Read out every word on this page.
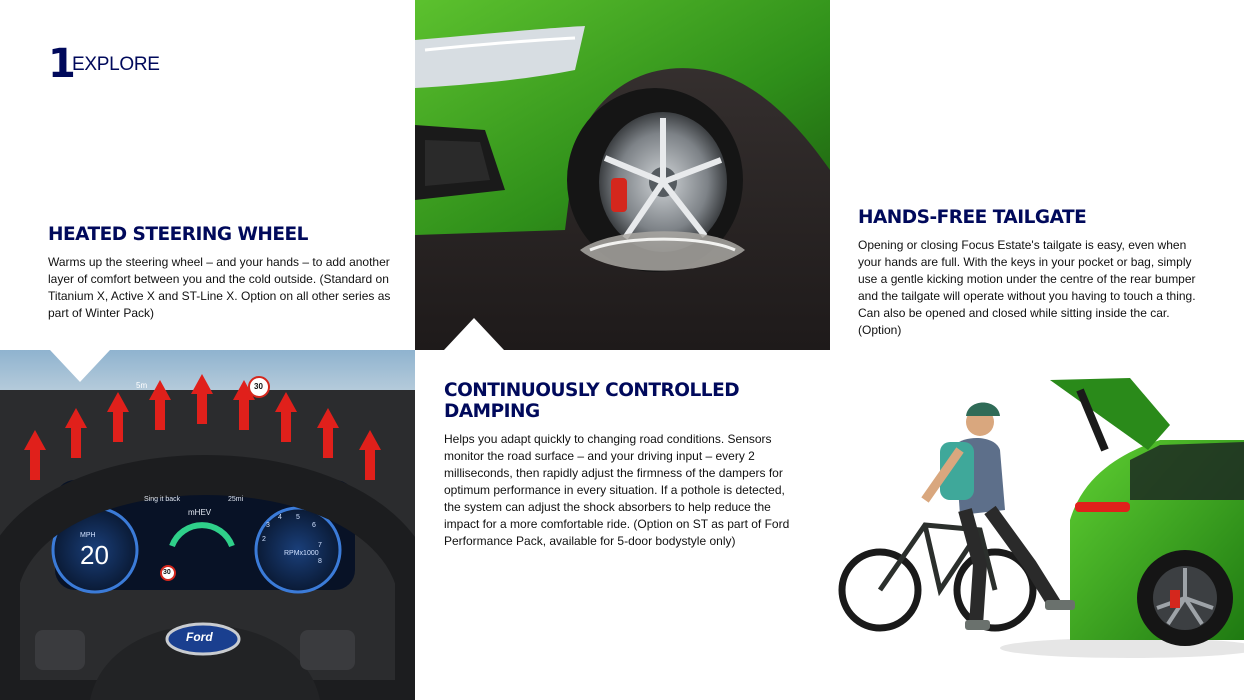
1
EXPLORE
HEATED STEERING WHEEL

Warms up the steering wheel – and your hands – to add another layer of comfort between you and the cold outside. (Standard on Titanium X, Active X and ST-Line X. Option on all other series as part of Winter Pack)

MPH
20
mHEV
Sing it back	25mi
RPMx1000
30
30
5m
Ford
2
3
4 5
6
7
8
CONTINUOUSLY CONTROLLED DAMPING

Helps you adapt quickly to changing road conditions. Sensors monitor the road surface – and your driving input – every 2 milliseconds, then rapidly adjust the firmness of the dampers for optimum performance in every situation. If a pothole is detected, the system can adjust the shock absorbers to help reduce the impact for a more comfortable ride. (Option on ST as part of Ford Performance Pack, available for 5-door bodystyle only)

HANDS-FREE TAILGATE

Opening or closing Focus Estate's tailgate is easy, even when your hands are full. With the keys in your pocket or bag, simply use a gentle kicking motion under the centre of the rear bumper and the tailgate will operate without you having to touch a thing. Can also be opened and closed while sitting inside the car. (Option)
